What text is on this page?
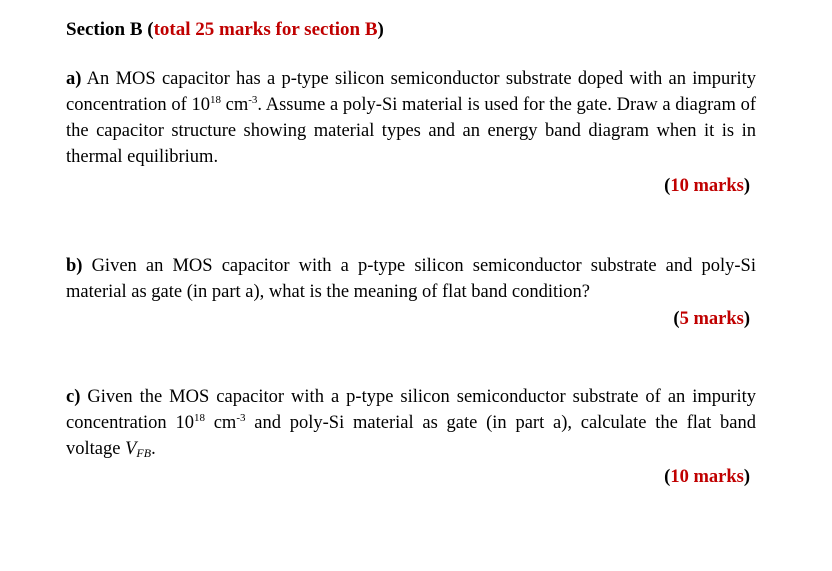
Section B (total 25 marks for section B)
a) An MOS capacitor has a p-type silicon semiconductor substrate doped with an impurity concentration of $10^{18}$ $cm^{-3}$. Assume a poly-Si material is used for the gate. Draw a diagram of the capacitor structure showing material types and an energy band diagram when it is in thermal equilibrium.
(10 marks)
b) Given an MOS capacitor with a p-type silicon semiconductor substrate and poly-Si material as gate (in part a), what is the meaning of flat band condition?
(5 marks)
c) Given the MOS capacitor with a p-type silicon semiconductor substrate of an impurity concentration $10^{18}$ $cm^{-3}$ and poly-Si material as gate (in part a), calculate the flat band voltage $V_{FB}$.
(10 marks)
